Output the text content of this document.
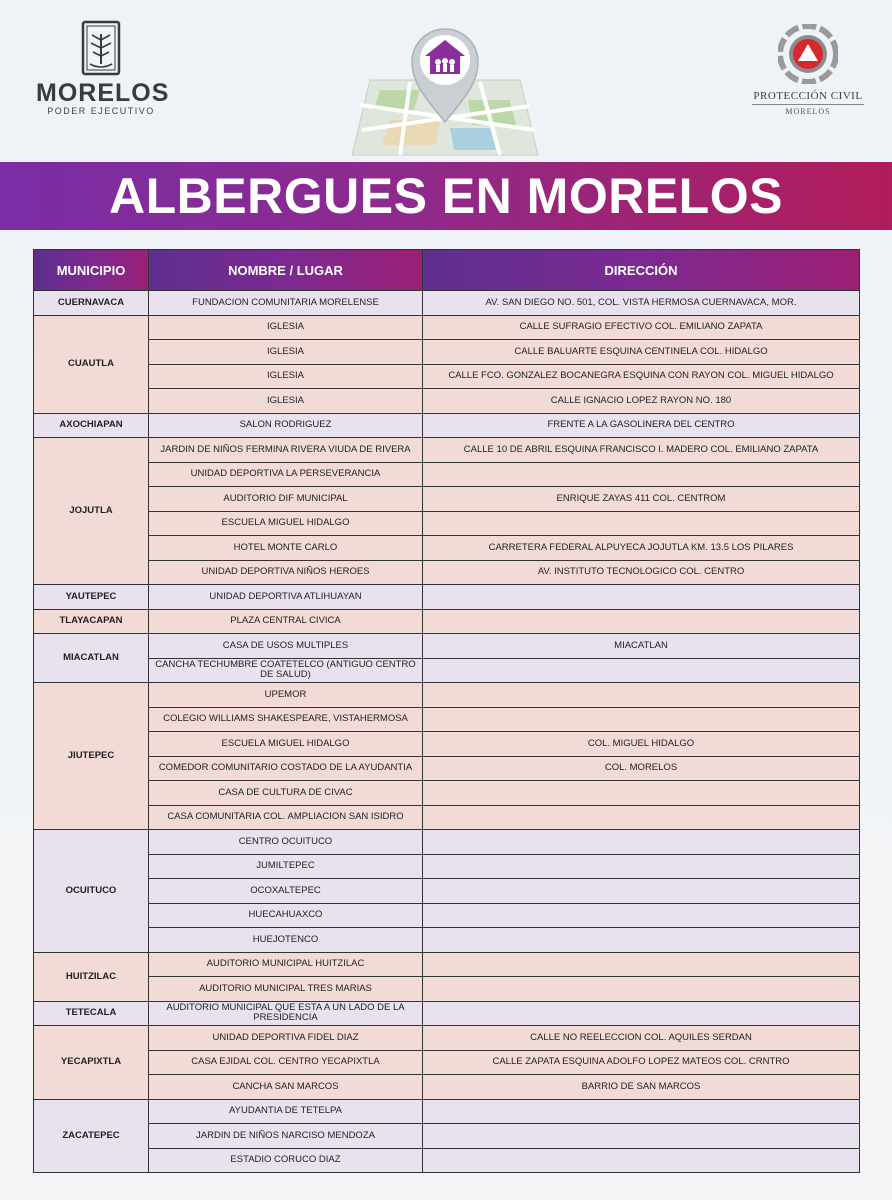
MORELOS
PODER EJECUTIVO
PROTECCIÓN CIVIL
MORELOS
ALBERGUES EN MORELOS
MUNICIPIO	NOMBRE / LUGAR	DIRECCIÓN
CUERNAVACA	FUNDACION COMUNITARIA MORELENSE	AV. SAN DIEGO NO. 501, COL. VISTA HERMOSA CUERNAVACA, MOR.
CUAUTLA	IGLESIA	CALLE SUFRAGIO EFECTIVO COL. EMILIANO ZAPATA
	IGLESIA	CALLE BALUARTE ESQUINA CENTINELA COL. HIDALGO
	IGLESIA	CALLE FCO. GONZALEZ BOCANEGRA ESQUINA CON RAYON COL. MIGUEL HIDALGO
	IGLESIA	CALLE IGNACIO LOPEZ RAYON NO. 180
AXOCHIAPAN	SALON RODRIGUEZ	FRENTE A LA GASOLINERA DEL CENTRO
JOJUTLA	JARDIN DE NIÑOS FERMINA RIVERA VIUDA DE RIVERA	CALLE 10 DE ABRIL ESQUINA FRANCISCO I. MADERO COL. EMILIANO ZAPATA
	UNIDAD DEPORTIVA LA PERSEVERANCIA	
	AUDITORIO DIF MUNICIPAL	ENRIQUE ZAYAS 411 COL. CENTROM
	ESCUELA MIGUEL HIDALGO	
	HOTEL MONTE CARLO	CARRETERA FEDERAL ALPUYECA JOJUTLA KM. 13.5 LOS PILARES
	UNIDAD DEPORTIVA NIÑOS HEROES	AV. INSTITUTO TECNOLOGICO COL. CENTRO
YAUTEPEC	UNIDAD DEPORTIVA ATLIHUAYAN	
TLAYACAPAN	PLAZA CENTRAL CIVICA	
MIACATLAN	CASA DE USOS MULTIPLES	MIACATLAN
	CANCHA TECHUMBRE COATETELCO (ANTIGUO CENTRO DE SALUD)	
JIUTEPEC	UPEMOR	
	COLEGIO WILLIAMS SHAKESPEARE, VISTAHERMOSA	
	ESCUELA MIGUEL HIDALGO	COL. MIGUEL HIDALGO
	COMEDOR COMUNITARIO COSTADO DE LA AYUDANTIA	COL. MORELOS
	CASA DE CULTURA DE CIVAC	
	CASA COMUNITARIA COL. AMPLIACION SAN ISIDRO	
OCUITUCO	CENTRO OCUITUCO	
	JUMILTEPEC	
	OCOXALTEPEC	
	HUECAHUAXCO	
	HUEJOTENCO	
HUITZILAC	AUDITORIO MUNICIPAL HUITZILAC	
	AUDITORIO MUNICIPAL TRES MARIAS	
TETECALA	AUDITORIO MUNICIPAL QUE ESTA A UN LADO DE LA PRESIDENCIA	
YECAPIXTLA	UNIDAD DEPORTIVA FIDEL DIAZ	CALLE NO REELECCION COL. AQUILES SERDAN
	CASA EJIDAL COL. CENTRO YECAPIXTLA	CALLE ZAPATA ESQUINA ADOLFO LOPEZ MATEOS COL. CRNTRO
	CANCHA SAN MARCOS	BARRIO DE SAN MARCOS
ZACATEPEC	AYUDANTIA DE TETELPA	
	JARDIN DE NIÑOS NARCISO MENDOZA	
	ESTADIO CORUCO DIAZ	
